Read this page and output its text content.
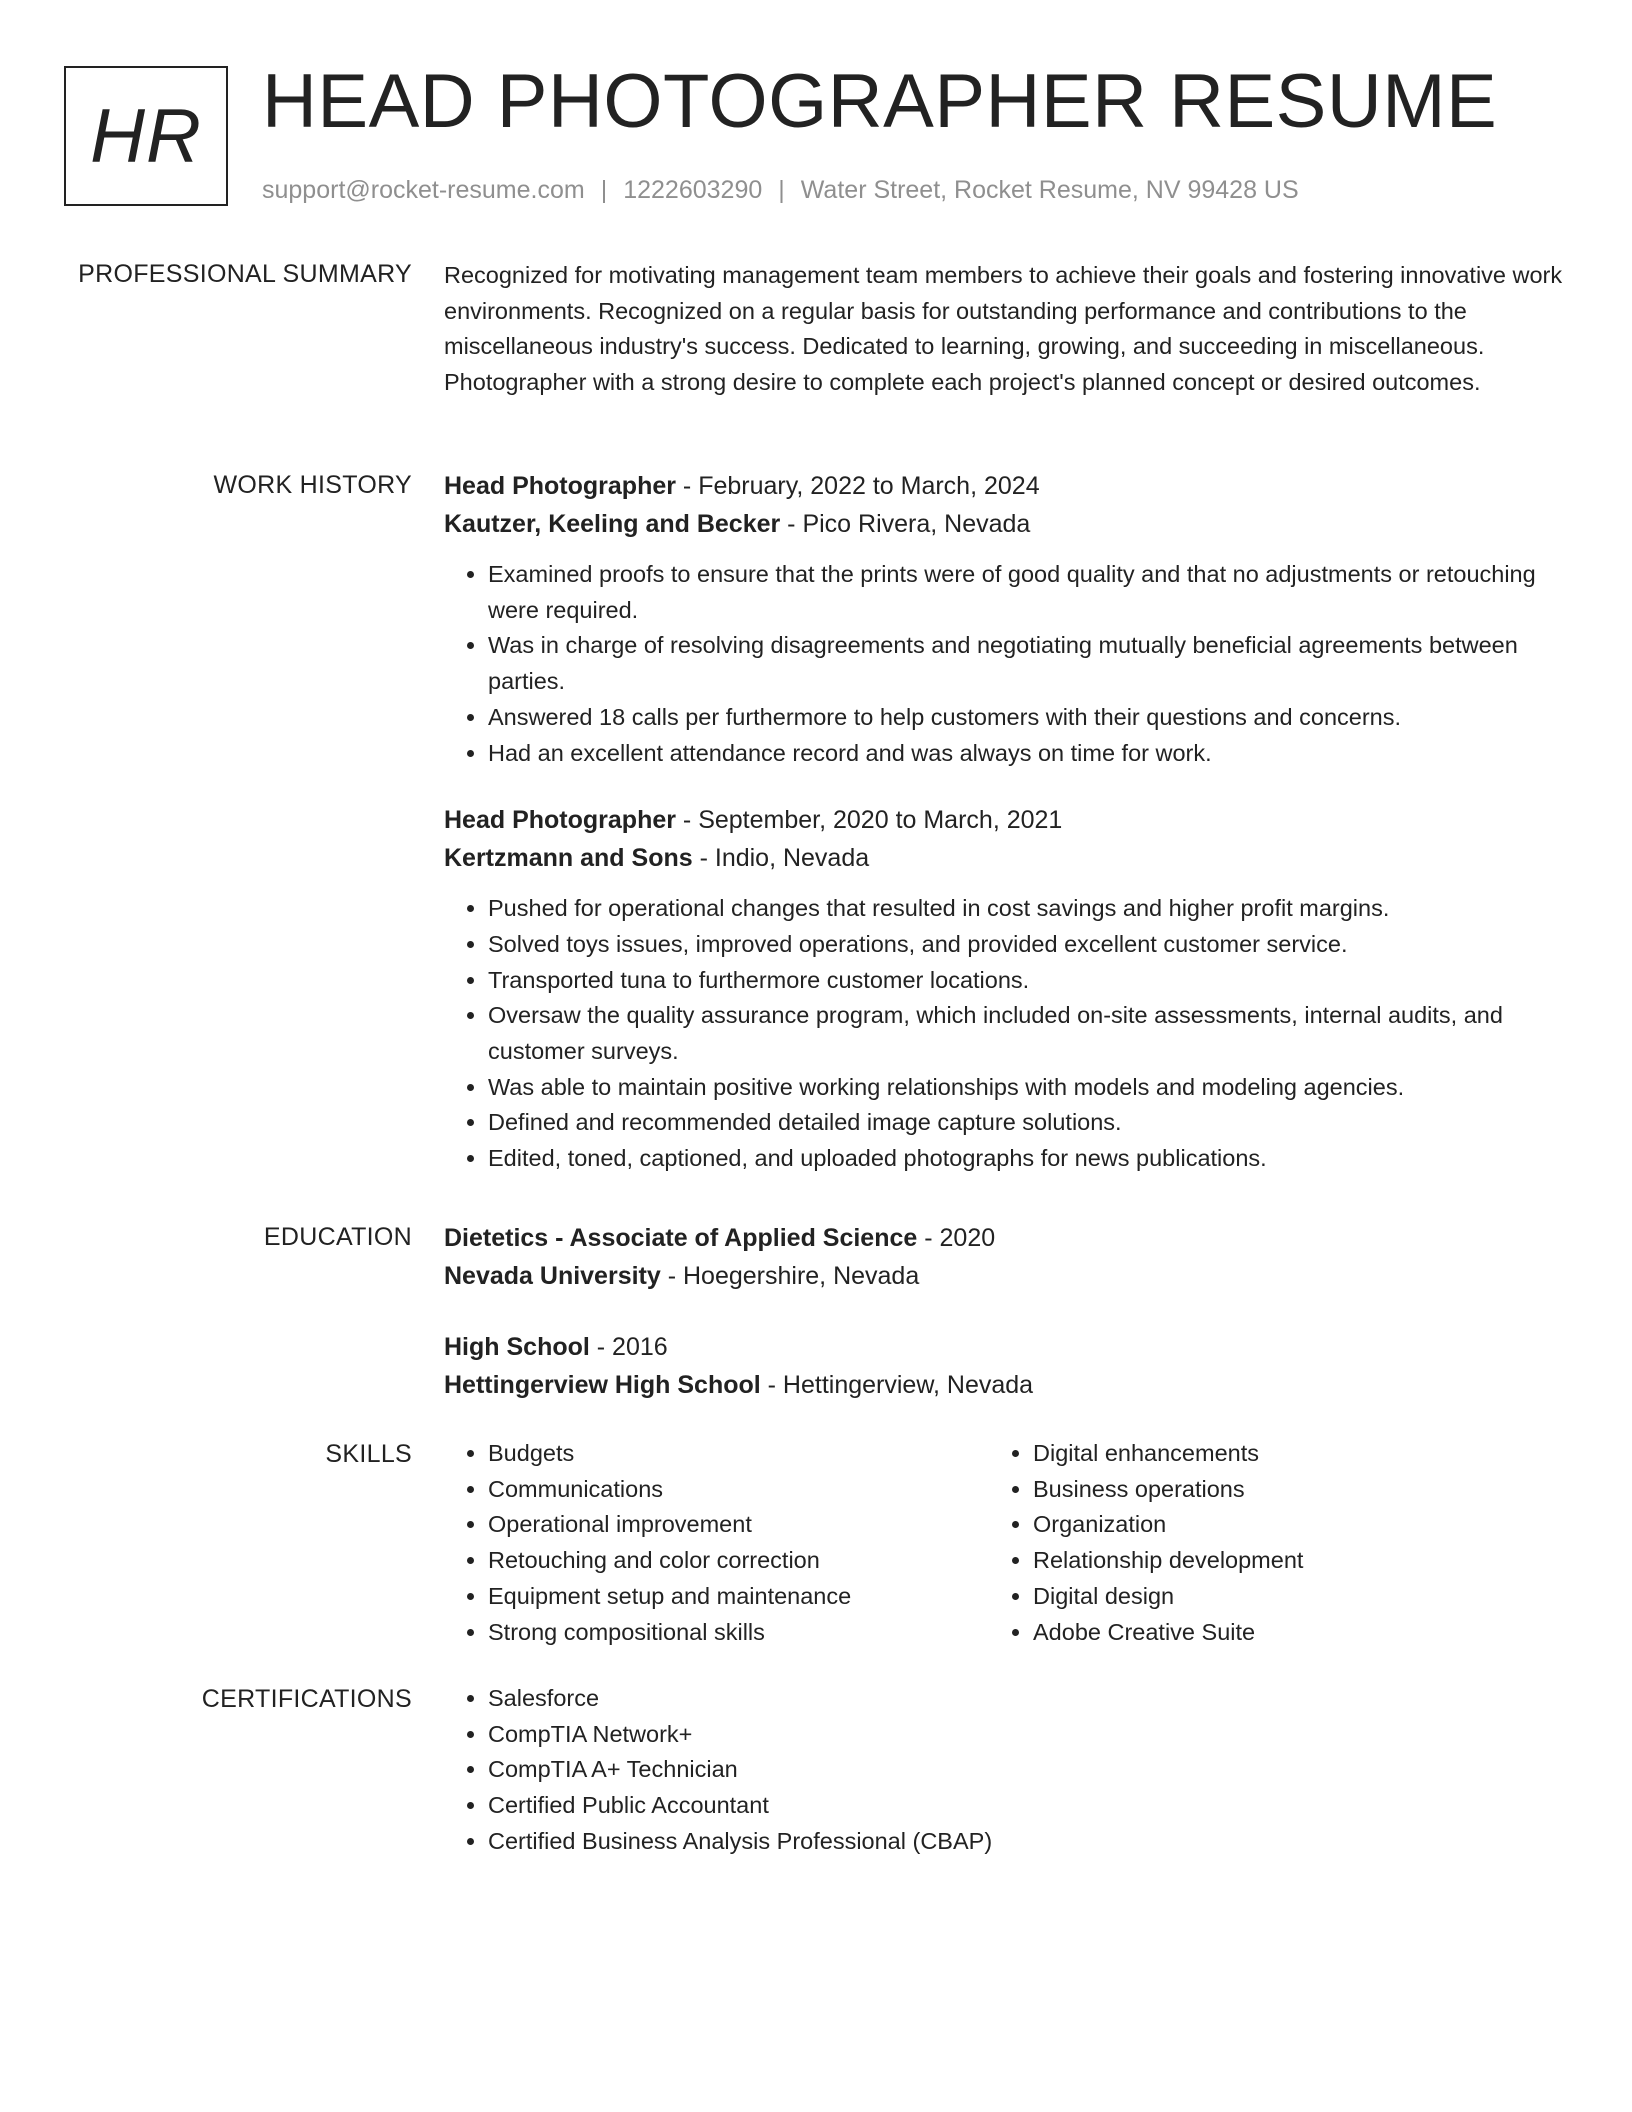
HR HEAD PHOTOGRAPHER RESUME
support@rocket-resume.com | 1222603290 | Water Street, Rocket Resume, NV 99428 US
PROFESSIONAL SUMMARY Recognized for motivating management team members to achieve their goals and fostering innovative work environments. Recognized on a regular basis for outstanding performance and contributions to the miscellaneous industry's success. Dedicated to learning, growing, and succeeding in miscellaneous. Photographer with a strong desire to complete each project's planned concept or desired outcomes.

WORK HISTORY Head Photographer - February, 2022 to March, 2024
Kautzer, Keeling and Becker - Pico Rivera, Nevada
• Examined proofs to ensure that the prints were of good quality and that no adjustments or retouching were required.
• Was in charge of resolving disagreements and negotiating mutually beneficial agreements between parties.
• Answered 18 calls per furthermore to help customers with their questions and concerns.
• Had an excellent attendance record and was always on time for work.
Head Photographer - September, 2020 to March, 2021
Kertzmann and Sons - Indio, Nevada
• Pushed for operational changes that resulted in cost savings and higher profit margins.
• Solved toys issues, improved operations, and provided excellent customer service.
• Transported tuna to furthermore customer locations.
• Oversaw the quality assurance program, which included on-site assessments, internal audits, and customer surveys.
• Was able to maintain positive working relationships with models and modeling agencies.
• Defined and recommended detailed image capture solutions.
• Edited, toned, captioned, and uploaded photographs for news publications.
EDUCATION Dietetics - Associate of Applied Science - 2020
Nevada University - Hoegershire, Nevada
High School - 2016
Hettingerview High School - Hettingerview, Nevada
SKILLS	• Budgets
• Communications
• Operational improvement
• Retouching and color correction
• Equipment setup and maintenance
• Strong compositional skills
• Digital enhancements
• Business operations
• Organization
• Relationship development
• Digital design
• Adobe Creative Suite
CERTIFICATIONS	• Salesforce
• CompTIA Network+
• CompTIA A+ Technician
• Certified Public Accountant
• Certified Business Analysis Professional (CBAP)
